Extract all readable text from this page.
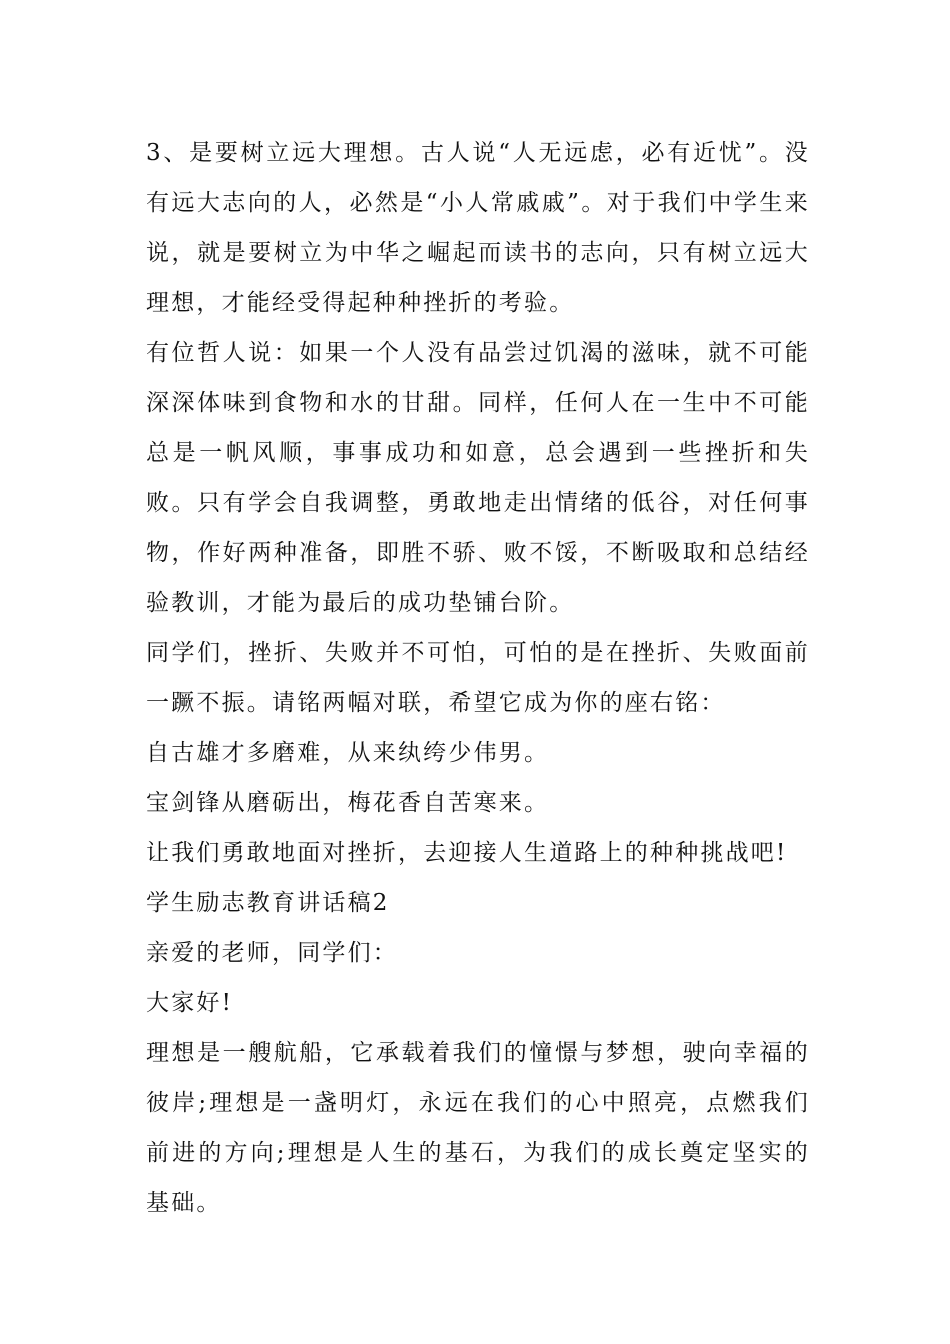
3、是要树立远大理想。古人说“人无远虑，必有近忧”。没有远大志向的人，必然是“小人常戚戚”。对于我们中学生来说，就是要树立为中华之崛起而读书的志向，只有树立远大理想，才能经受得起种种挫折的考验。

有位哲人说：如果一个人没有品尝过饥渴的滋味，就不可能深深体味到食物和水的甘甜。同样，任何人在一生中不可能总是一帆风顺，事事成功和如意，总会遇到一些挫折和失败。只有学会自我调整，勇敢地走出情绪的低谷，对任何事物，作好两种准备，即胜不骄、败不馁，不断吸取和总结经验教训，才能为最后的成功垫铺台阶。

同学们，挫折、失败并不可怕，可怕的是在挫折、失败面前一蹶不振。请铭两幅对联，希望它成为你的座右铭：

自古雄才多磨难，从来纨绔少伟男。

宝剑锋从磨砺出，梅花香自苦寒来。

让我们勇敢地面对挫折，去迎接人生道路上的种种挑战吧!

学生励志教育讲话稿2

亲爱的老师，同学们：

大家好!

理想是一艘航船，它承载着我们的憧憬与梦想，驶向幸福的彼岸;理想是一盏明灯，永远在我们的心中照亮，点燃我们前进的方向;理想是人生的基石，为我们的成长奠定坚实的基础。
